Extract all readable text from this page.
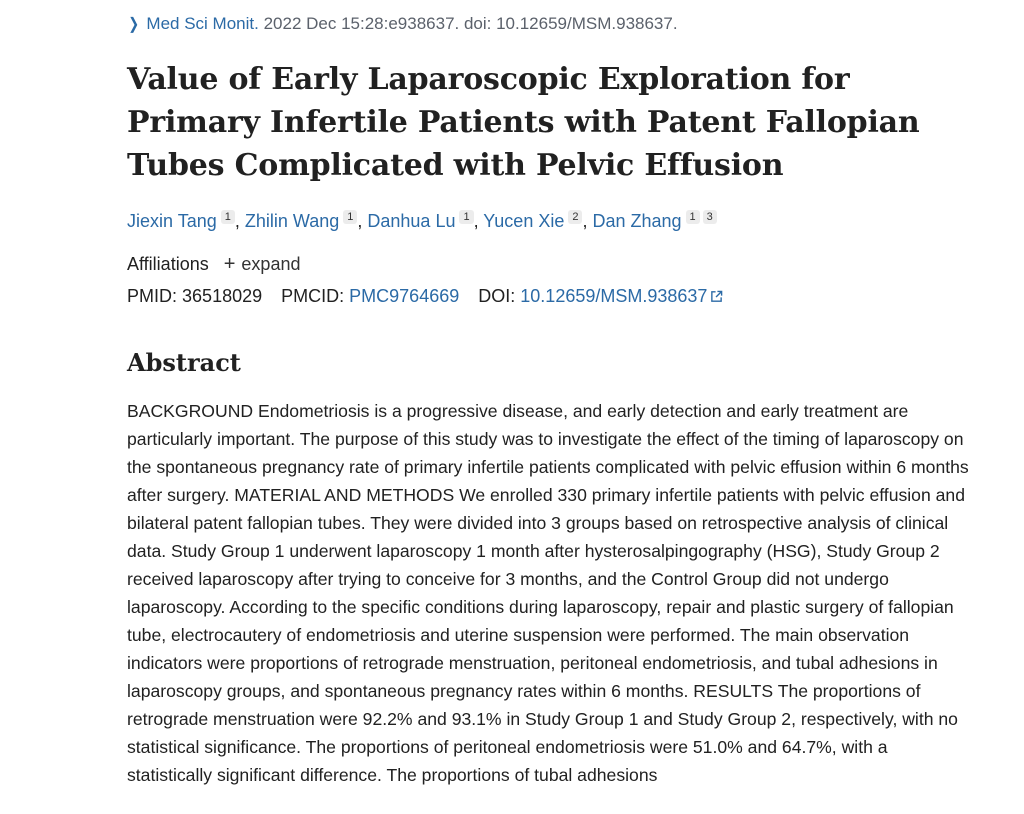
❯ Med Sci Monit. 2022 Dec 15:28:e938637. doi: 10.12659/MSM.938637.
Value of Early Laparoscopic Exploration for Primary Infertile Patients with Patent Fallopian Tubes Complicated with Pelvic Effusion
Jiexin Tang 1 , Zhilin Wang 1 , Danhua Lu 1 , Yucen Xie 2 , Dan Zhang 1 3
Affiliations + expand
PMID: 36518029 PMCID: PMC9764669 DOI: 10.12659/MSM.938637
Abstract

BACKGROUND Endometriosis is a progressive disease, and early detection and early treatment are particularly important. The purpose of this study was to investigate the effect of the timing of laparoscopy on the spontaneous pregnancy rate of primary infertile patients complicated with pelvic effusion within 6 months after surgery. MATERIAL AND METHODS We enrolled 330 primary infertile patients with pelvic effusion and bilateral patent fallopian tubes. They were divided into 3 groups based on retrospective analysis of clinical data. Study Group 1 underwent laparoscopy 1 month after hysterosalpingography (HSG), Study Group 2 received laparoscopy after trying to conceive for 3 months, and the Control Group did not undergo laparoscopy. According to the specific conditions during laparoscopy, repair and plastic surgery of fallopian tube, electrocautery of endometriosis and uterine suspension were performed. The main observation indicators were proportions of retrograde menstruation, peritoneal endometriosis, and tubal adhesions in laparoscopy groups, and spontaneous pregnancy rates within 6 months. RESULTS The proportions of retrograde menstruation were 92.2% and 93.1% in Study Group 1 and Study Group 2, respectively, with no statistical significance. The proportions of peritoneal endometriosis were 51.0% and 64.7%, with a statistically significant difference. The proportions of tubal adhesions
